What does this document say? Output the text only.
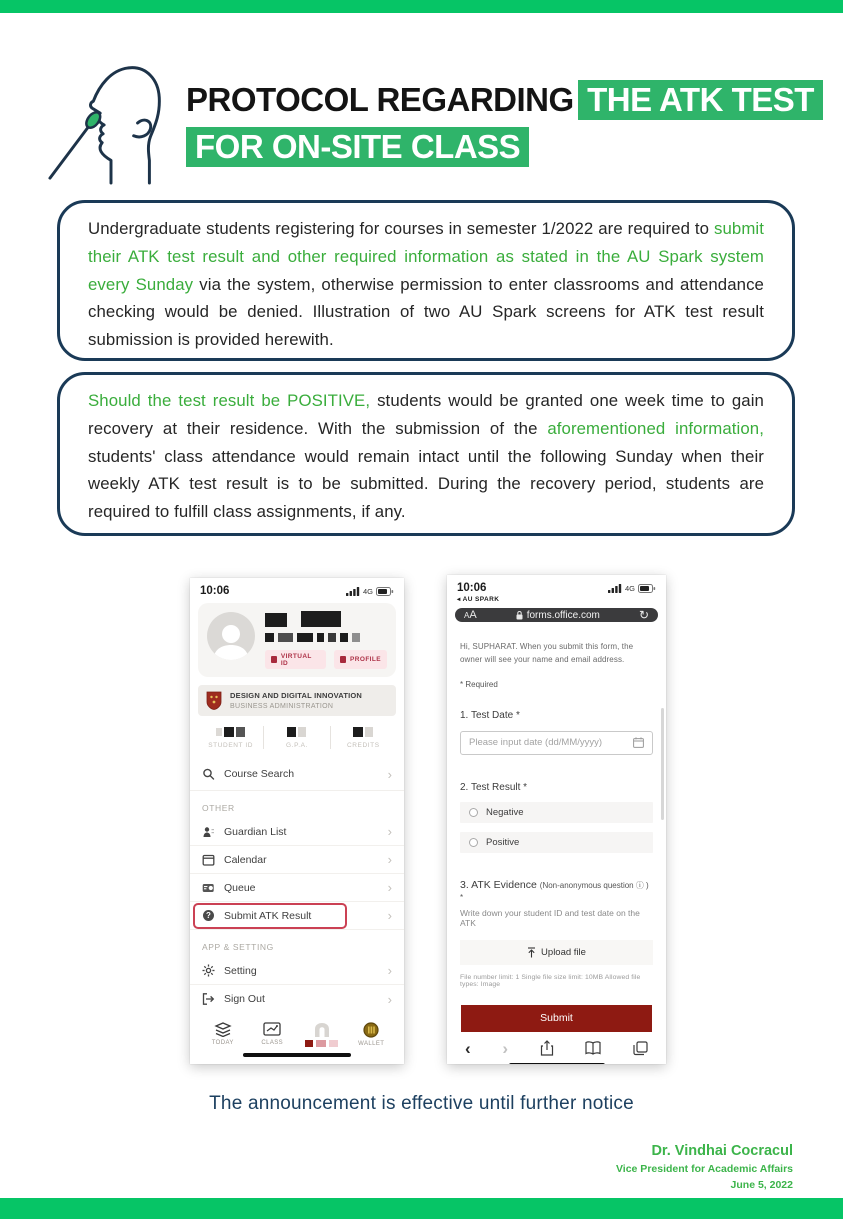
PROTOCOL REGARDING THE ATK TEST
FOR ON-SITE CLASS

Undergraduate students registering for courses in semester 1/2022 are required to submit their ATK test result and other required information as stated in the AU Spark system every Sunday via the system, otherwise permission to enter classrooms and attendance checking would be denied. Illustration of two AU Spark screens for ATK test result submission is provided herewith.

Should the test result be POSITIVE, students would be granted one week time to gain recovery at their residence. With the submission of the aforementioned information, students' class attendance would remain intact until the following Sunday when their weekly ATK test result is to be submitted. During the recovery period, students are required to fulfill class assignments, if any.

10:06	4G
VIRTUAL ID	PROFILE
DESIGN AND DIGITAL INNOVATION
BUSINESS ADMINISTRATION
STUDENT ID	G.P.A.	CREDITS
Course Search	›
OTHER
Guardian List	›
Calendar	›
Queue	›
? Submit ATK Result	›
APP & SETTING
Setting	›
Sign Out	›
TODAY	CLASS	WALLET
10:06
◂ AU SPARK
4G
AA	forms.office.com	↻
Hi, SUPHARAT. When you submit this form, the owner will see your name and email address.
* Required
1. Test Date *
Please input date (dd/MM/yyyy)
2. Test Result *
Negative
Positive
3. ATK Evidence (Non-anonymous question ⓘ ) *
Write down your student ID and test date on the ATK
Upload file
File number limit: 1 Single file size limit: 10MB Allowed file types: Image
Submit
‹ ›
The announcement is effective until further notice
Dr. Vindhai Cocracul
Vice President for Academic Affairs
June 5, 2022
